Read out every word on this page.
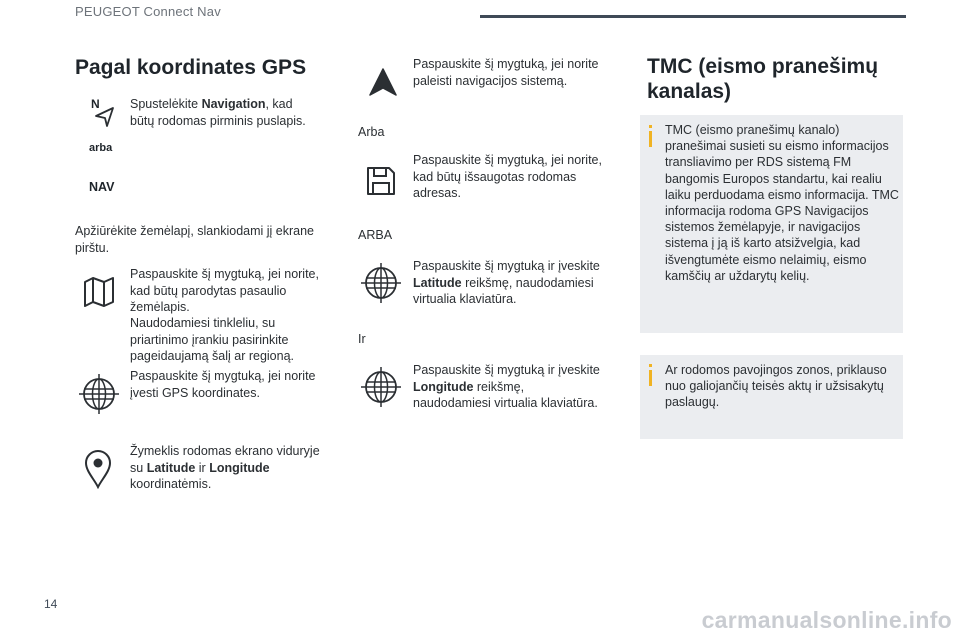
PEUGEOT Connect Nav
Pagal koordinates GPS
N
arba
NAV
Spustelėkite Navigation, kad būtų rodomas pirminis puslapis.
Apžiūrėkite žemėlapį, slankiodami jį ekrane pirštu.
Paspauskite šį mygtuką, jei norite, kad būtų parodytas pasaulio žemėlapis.
Naudodamiesi tinkleliu, su priartinimo įrankiu pasirinkite pageidaujamą šalį ar regioną.
Paspauskite šį mygtuką, jei norite įvesti GPS koordinates.
Žymeklis rodomas ekrano viduryje su Latitude ir Longitude koordinatėmis.
Paspauskite šį mygtuką, jei norite paleisti navigacijos sistemą.
Arba
Paspauskite šį mygtuką, jei norite, kad būtų išsaugotas rodomas adresas.
ARBA
Paspauskite šį mygtuką ir įveskite Latitude reikšmę, naudodamiesi virtualia klaviatūra.
Ir
Paspauskite šį mygtuką ir įveskite Longitude reikšmę, naudodamiesi virtualia klaviatūra.
TMC (eismo pranešimų kanalas)
TMC (eismo pranešimų kanalo) pranešimai susieti su eismo informacijos transliavimo per RDS sistemą FM bangomis Europos standartu, kai realiu laiku perduodama eismo informacija. TMC informacija rodoma GPS Navigacijos sistemos žemėlapyje, ir navigacijos sistema į ją iš karto atsižvelgia, kad išvengtumėte eismo nelaimių, eismo kamščių ar uždarytų kelių.
Ar rodomos pavojingos zonos, priklauso nuo galiojančių teisės aktų ir užsisakytų paslaugų.
14
carmanualsonline.info
